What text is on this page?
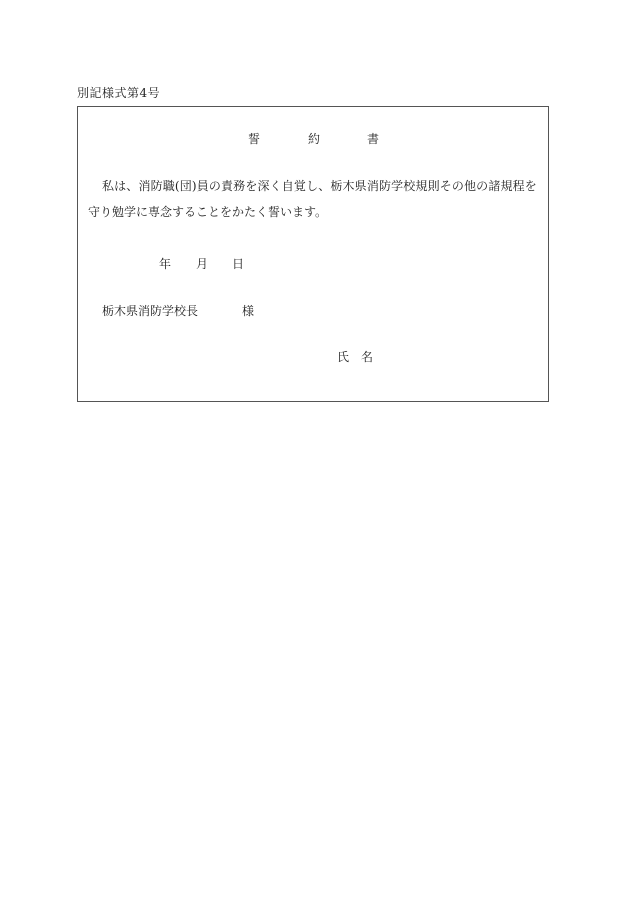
別記様式第4号
誓	約	書
私は、消防職(団)員の責務を深く自覚し、栃木県消防学校規則その他の諸規程を
守り勉学に専念することをかたく誓います。
年 月 日
栃木県消防学校長	様
氏 名
